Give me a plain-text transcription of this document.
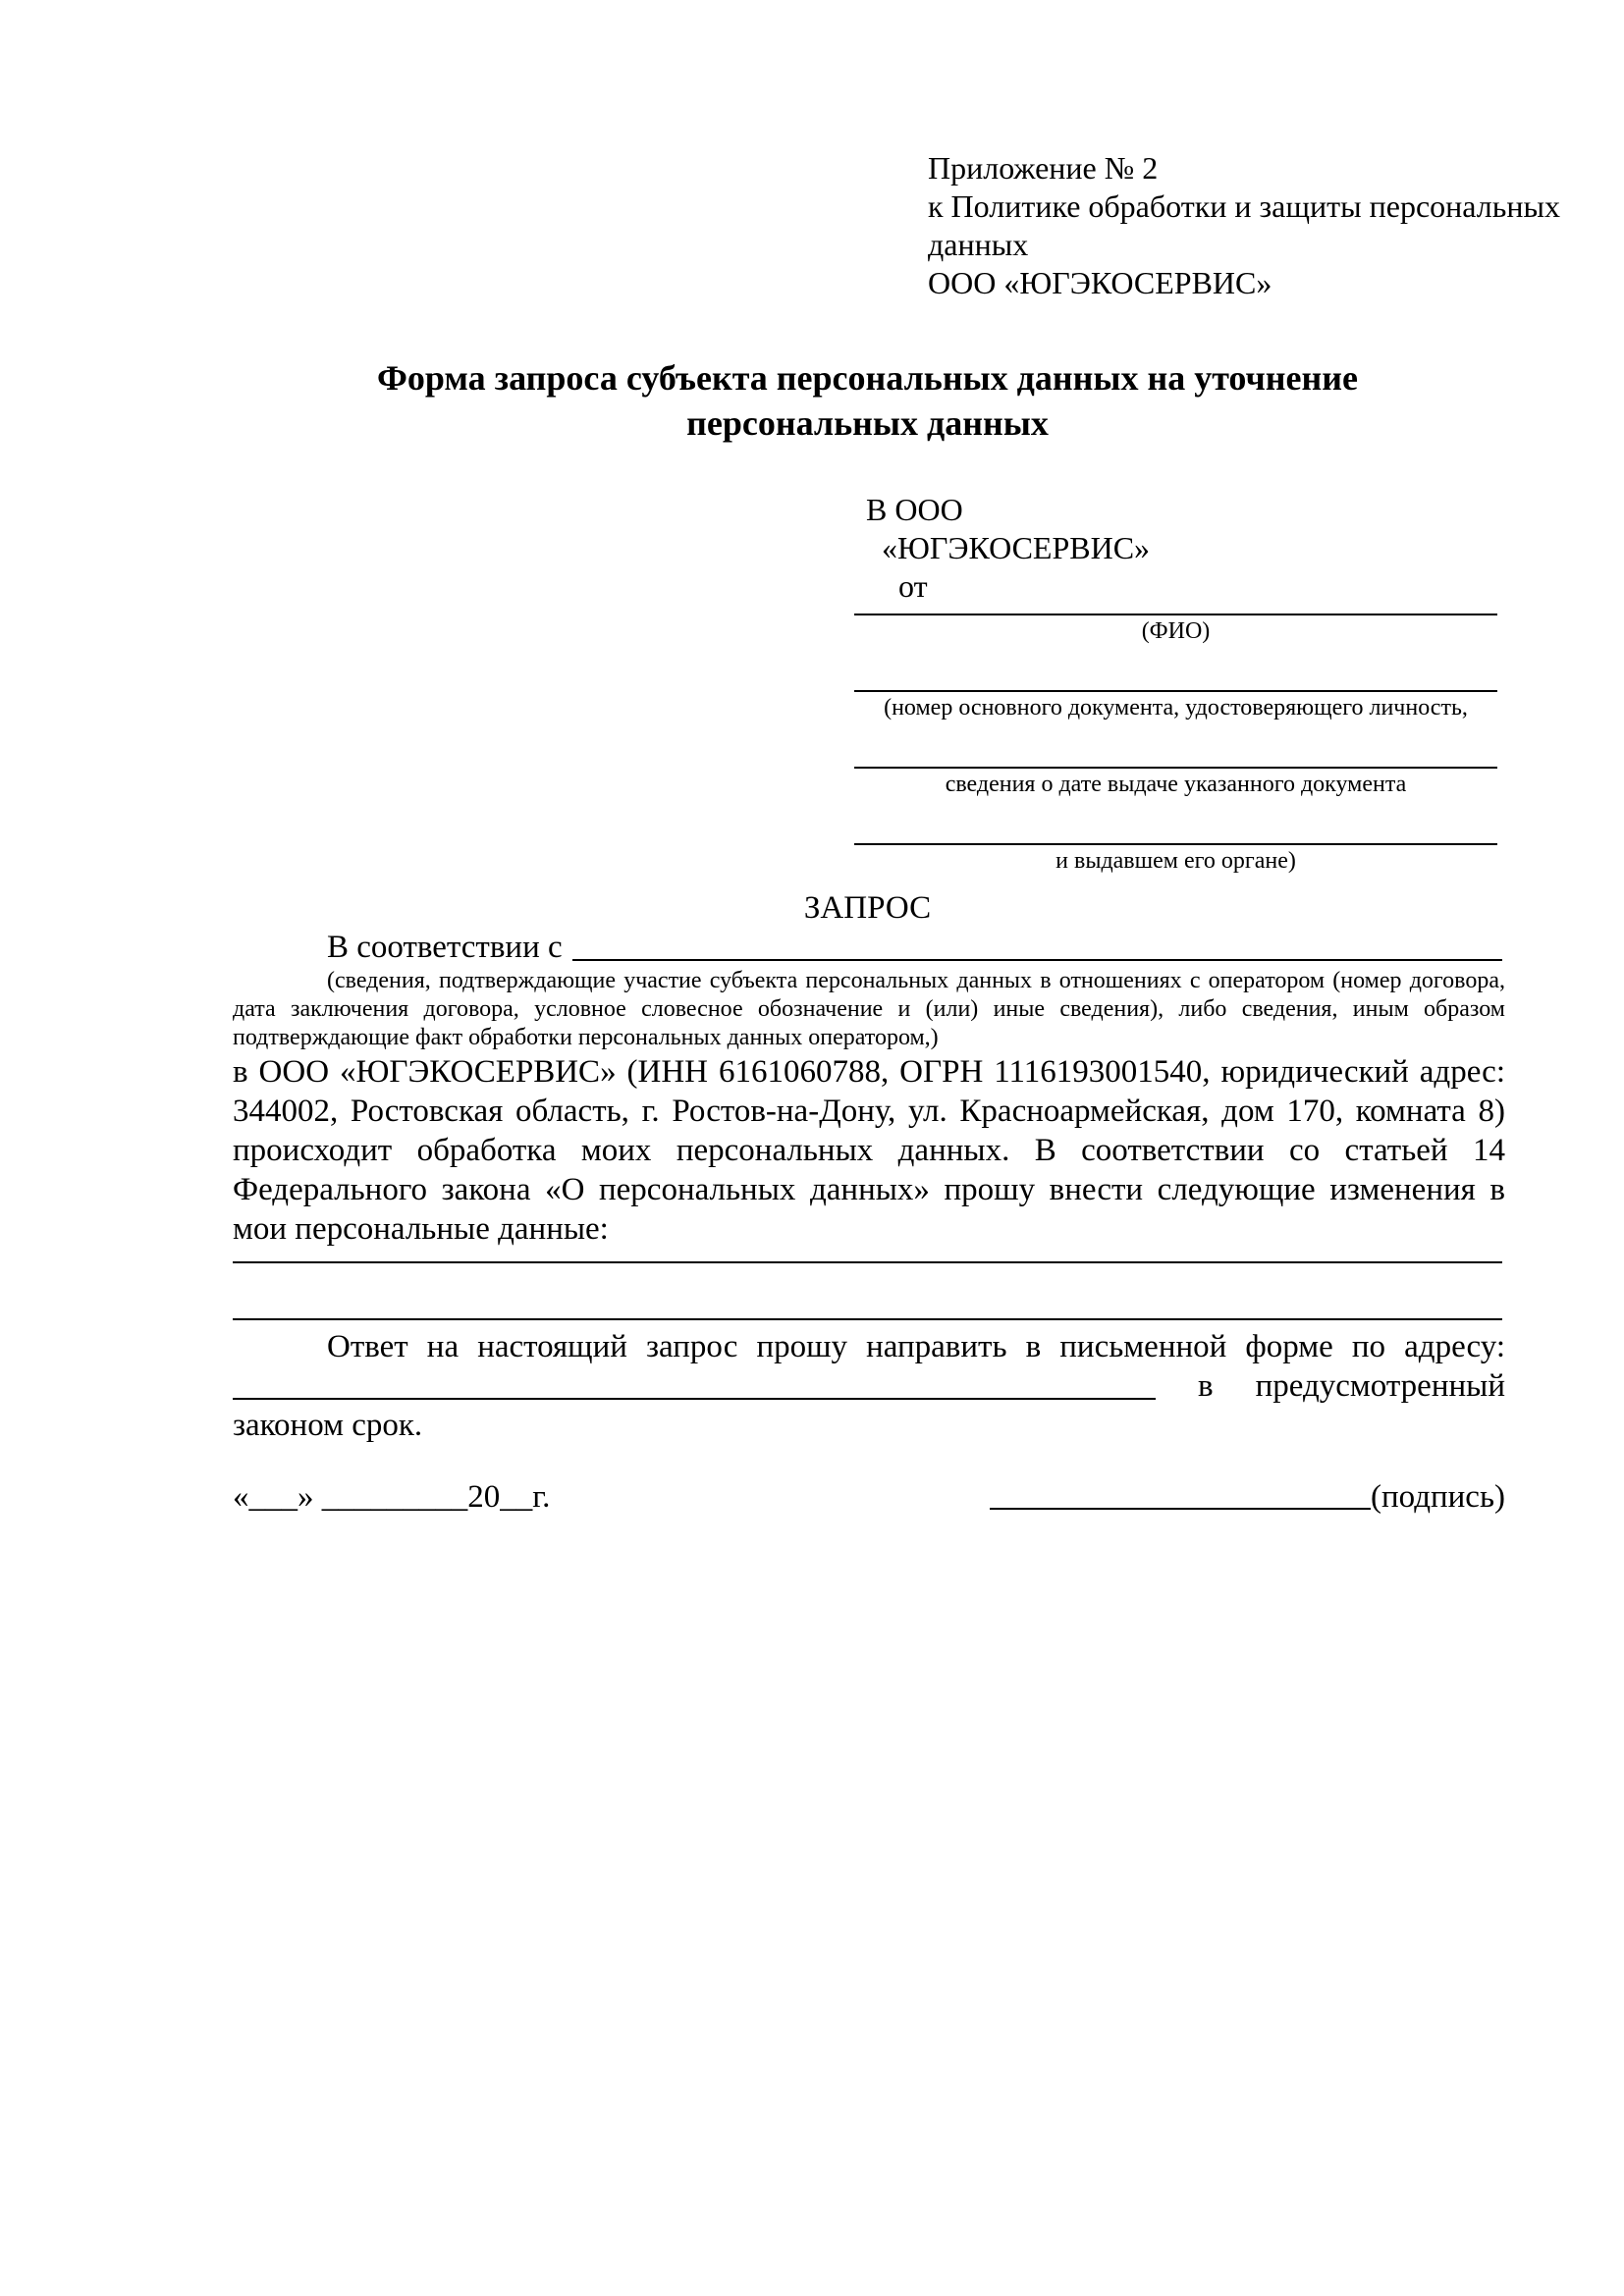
Приложение № 2
к Политике обработки и защиты персональных
данных
ООО «ЮГЭКОСЕРВИС»
Форма запроса субъекта персональных данных на уточнение
персональных данных
В ООО
«ЮГЭКОСЕРВИС»
от
(ФИО)
(номер основного документа, удостоверяющего личность,
сведения о дате выдаче указанного документа
и выдавшем его органе)
ЗАПРОС
В соответствии с
(сведения, подтверждающие участие субъекта персональных данных в отношениях с оператором (номер договора, дата заключения договора, условное словесное обозначение и (или) иные сведения), либо сведения, иным образом подтверждающие факт обработки персональных данных оператором,)
в ООО «ЮГЭКОСЕРВИС» (ИНН 6161060788, ОГРН 1116193001540, юридический адрес: 344002, Ростовская область, г. Ростов-на-Дону, ул. Красноармейская, дом 170, комната 8) происходит обработка моих персональных данных. В соответствии со статьей 14 Федерального закона «О персональных данных» прошу внести следующие изменения в мои персональные данные:
Ответ на настоящий запрос прошу направить в письменной форме по адресу:
в предусмотренный
законом срок.
«___» _________20__г.	(подпись)
